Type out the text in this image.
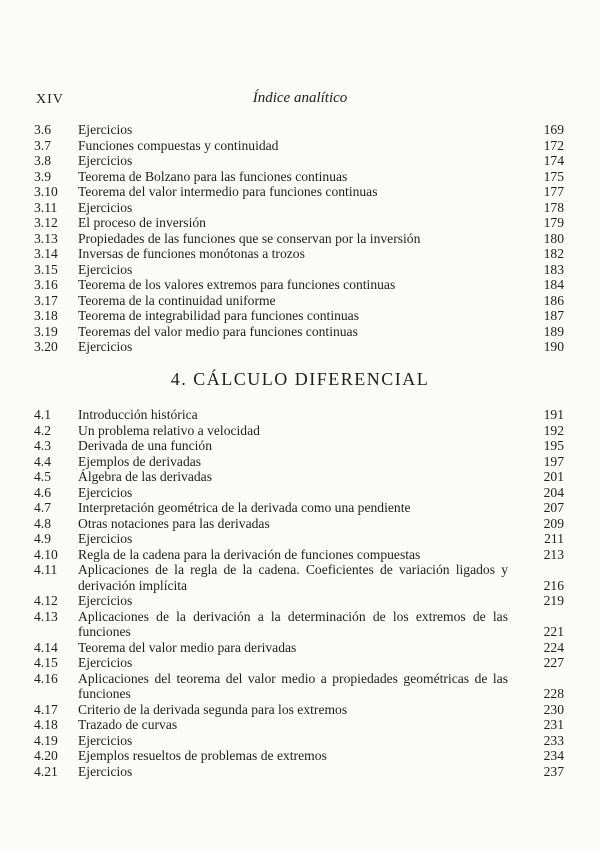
XIV	Índice analítico
3.6 Ejercicios	169
3.7 Funciones compuestas y continuidad	172
3.8 Ejercicios	174
3.9 Teorema de Bolzano para las funciones continuas	175
3.10 Teorema del valor intermedio para funciones continuas	177
3.11 Ejercicios	178
3.12 El proceso de inversión	179
3.13 Propiedades de las funciones que se conservan por la inversión	180
3.14 Inversas de funciones monótonas a trozos	182
3.15 Ejercicios	183
3.16 Teorema de los valores extremos para funciones continuas	184
3.17 Teorema de la continuidad uniforme	186
3.18 Teorema de integrabilidad para funciones continuas	187
3.19 Teoremas del valor medio para funciones continuas	189
3.20 Ejercicios	190
4. CÁLCULO DIFERENCIAL
4.1 Introducción histórica	191
4.2 Un problema relativo a velocidad	192
4.3 Derivada de una función	195
4.4 Ejemplos de derivadas	197
4.5 Álgebra de las derivadas	201
4.6 Ejercicios	204
4.7 Interpretación geométrica de la derivada como una pendiente	207
4.8 Otras notaciones para las derivadas	209
4.9 Ejercicios	211
4.10 Regla de la cadena para la derivación de funciones compuestas	213
4.11 Aplicaciones de la regla de la cadena. Coeficientes de variación ligados y derivación implícita	216
4.12 Ejercicios	219
4.13 Aplicaciones de la derivación a la determinación de los extremos de las funciones	221
4.14 Teorema del valor medio para derivadas	224
4.15 Ejercicios	227
4.16 Aplicaciones del teorema del valor medio a propiedades geométricas de las funciones	228
4.17 Criterio de la derivada segunda para los extremos	230
4.18 Trazado de curvas	231
4.19 Ejercicios	233
4.20 Ejemplos resueltos de problemas de extremos	234
4.21 Ejercicios	237
